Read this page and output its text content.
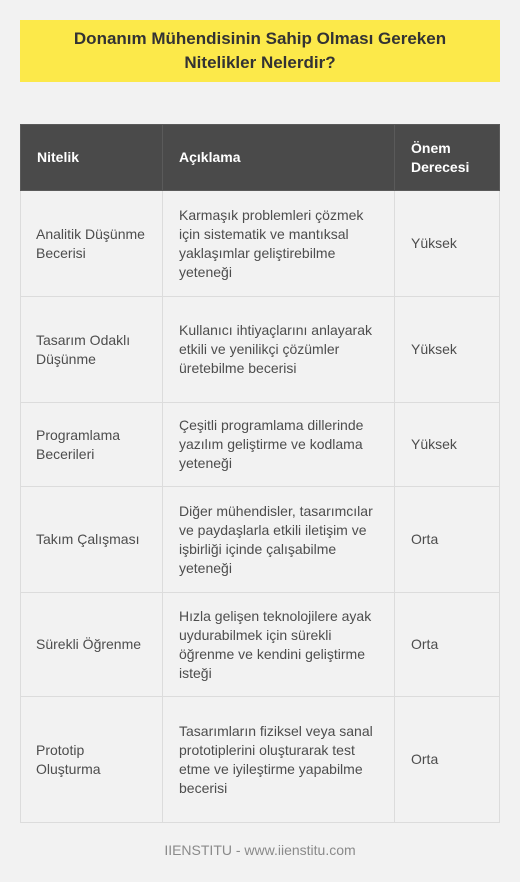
Donanım Mühendisinin Sahip Olması Gereken Nitelikler Nelerdir?
Nitelik	Açıklama	Önem Derecesi
Analitik Düşünme Becerisi	Karmaşık problemleri çözmek için sistematik ve mantıksal yaklaşımlar geliştirebilme yeteneği	Yüksek
Tasarım Odaklı Düşünme	Kullanıcı ihtiyaçlarını anlayarak etkili ve yenilikçi çözümler üretebilme becerisi	Yüksek
Programlama Becerileri	Çeşitli programlama dillerinde yazılım geliştirme ve kodlama yeteneği	Yüksek
Takım Çalışması	Diğer mühendisler, tasarımcılar ve paydaşlarla etkili iletişim ve işbirliği içinde çalışabilme yeteneği	Orta
Sürekli Öğrenme	Hızla gelişen teknolojilere ayak uydurabilmek için sürekli öğrenme ve kendini geliştirme isteği	Orta
Prototip Oluşturma	Tasarımların fiziksel veya sanal prototiplerini oluşturarak test etme ve iyileştirme yapabilme becerisi	Orta
IIENSTITU - www.iienstitu.com
